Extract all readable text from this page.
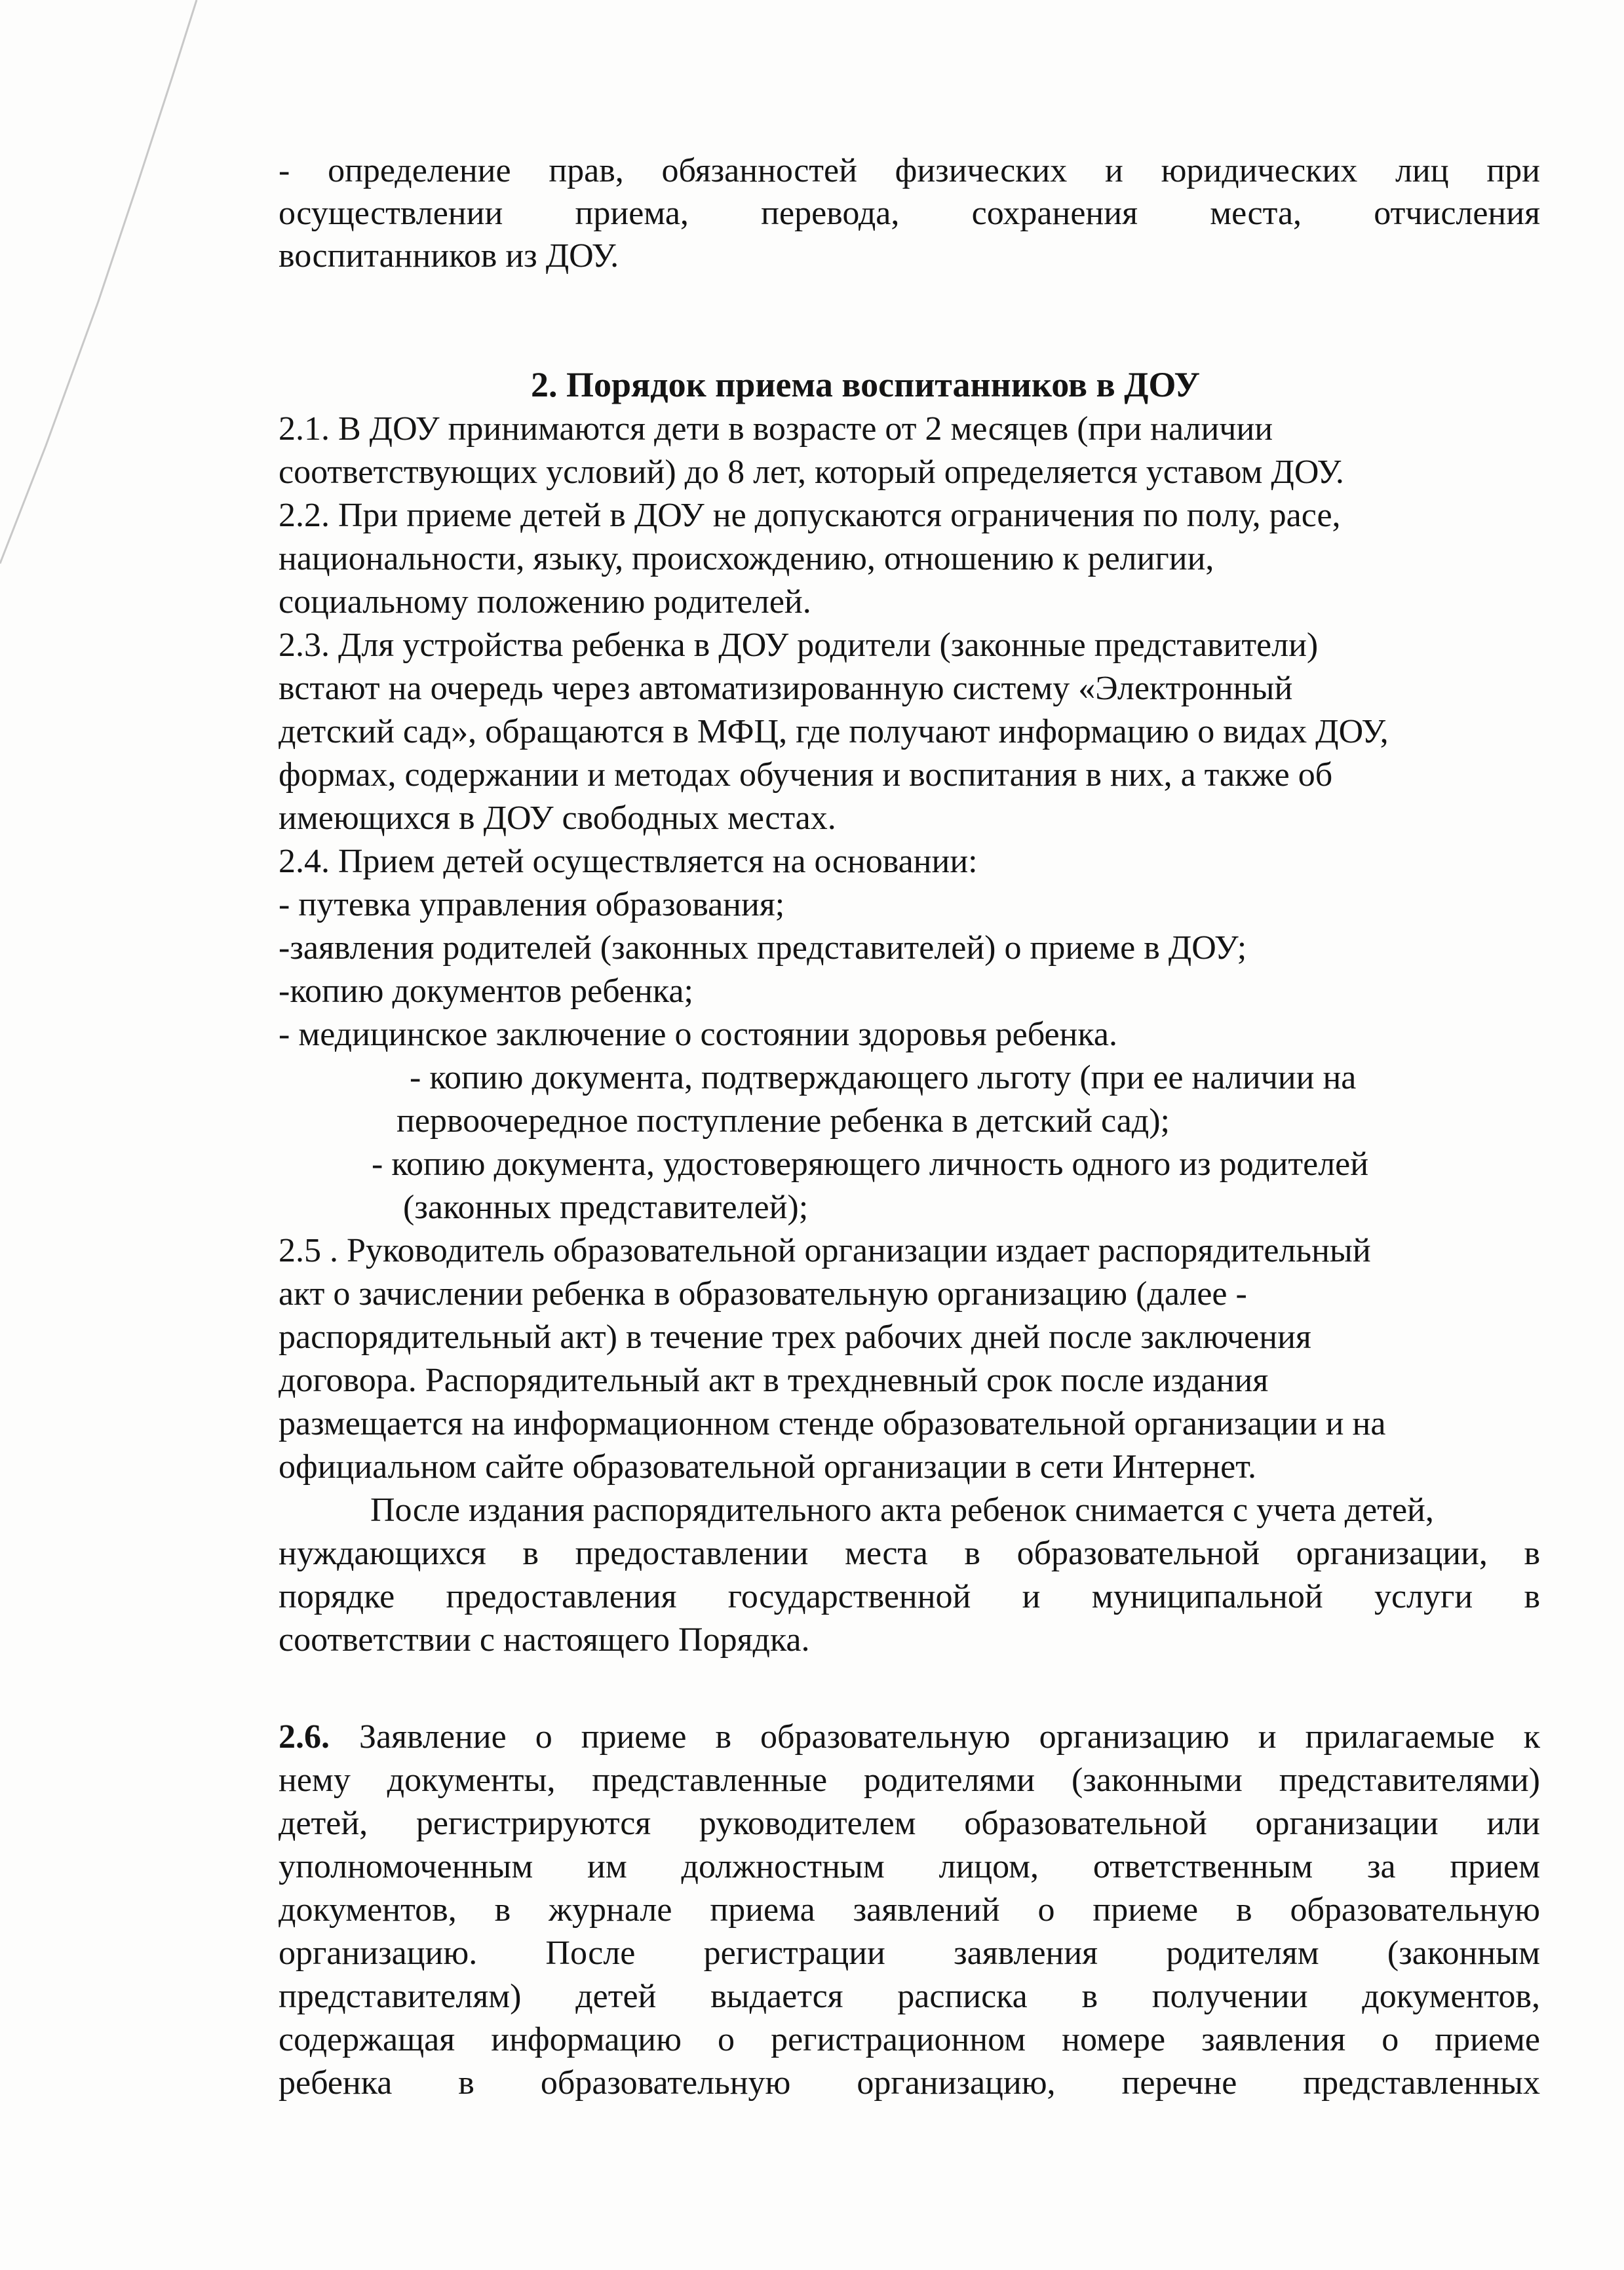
- определение прав, обязанностей физических и юридических лиц при
осуществлении приема, перевода, сохранения места, отчисления
воспитанников из ДОУ.
2. Порядок приема воспитанников в ДОУ
2.1. В ДОУ принимаются дети в возрасте от 2 месяцев (при наличии
соответствующих условий) до 8 лет, который определяется уставом ДОУ.
2.2. При приеме детей в ДОУ не допускаются ограничения по полу, расе,
национальности, языку, происхождению, отношению к религии,
социальному положению родителей.
2.3. Для устройства ребенка в ДОУ родители (законные представители)
встают на очередь через автоматизированную систему «Электронный
детский сад», обращаются в МФЦ, где получают информацию о видах ДОУ,
формах, содержании и методах обучения и воспитания в них, а также об
имеющихся в ДОУ свободных местах.
2.4. Прием детей осуществляется на основании:
- путевка управления образования;
-заявления родителей (законных представителей) о приеме в ДОУ;
-копию документов ребенка;
- медицинское заключение о состоянии здоровья ребенка.
- копию документа, подтверждающего льготу (при ее наличии на
первоочередное поступление ребенка в детский сад);
- копию документа, удостоверяющего личность одного из родителей
(законных представителей);
2.5 . Руководитель образовательной организации издает распорядительный
акт о зачислении ребенка в образовательную организацию (далее -
распорядительный акт) в течение трех рабочих дней после заключения
договора. Распорядительный акт в трехдневный срок после издания
размещается на информационном стенде образовательной организации и на
официальном сайте образовательной организации в сети Интернет.
После издания распорядительного акта ребенок снимается с учета детей,
нуждающихся в предоставлении места в образовательной организации, в
порядке предоставления государственной и муниципальной услуги в
соответствии с настоящего Порядка.
2.6. Заявление о приеме в образовательную организацию и прилагаемые к
нему документы, представленные родителями (законными представителями)
детей, регистрируются руководителем образовательной организации или
уполномоченным им должностным лицом, ответственным за прием
документов, в журнале приема заявлений о приеме в образовательную
организацию. После регистрации заявления родителям (законным
представителям) детей выдается расписка в получении документов,
содержащая информацию о регистрационном номере заявления о приеме
ребенка в образовательную организацию, перечне представленных
